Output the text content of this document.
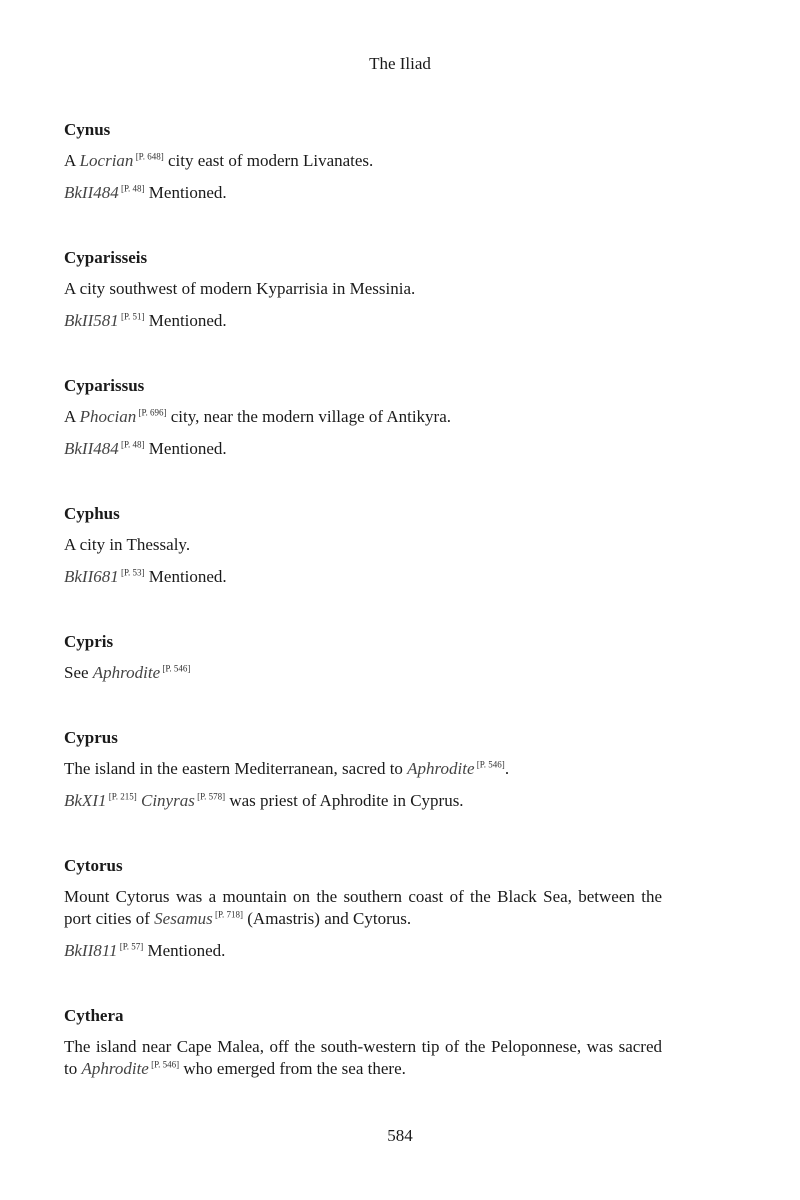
The Iliad
Cynus
A Locrian [P. 648] city east of modern Livanates.
BkII484 [P. 48] Mentioned.
Cyparisseis
A city southwest of modern Kyparrisia in Messinia.
BkII581 [P. 51] Mentioned.
Cyparissus
A Phocian [P. 696] city, near the modern village of Antikyra.
BkII484 [P. 48] Mentioned.
Cyphus
A city in Thessaly.
BkII681 [P. 53] Mentioned.
Cypris
See Aphrodite [P. 546]
Cyprus
The island in the eastern Mediterranean, sacred to Aphrodite [P. 546].
BkXI1 [P. 215] Cinyras [P. 578] was priest of Aphrodite in Cyprus.
Cytorus
Mount Cytorus was a mountain on the southern coast of the Black Sea, between the port cities of Sesamus [P. 718] (Amastris) and Cytorus.
BkII811 [P. 57] Mentioned.
Cythera
The island near Cape Malea, off the south-western tip of the Peloponnese, was sacred to Aphrodite [P. 546] who emerged from the sea there.
584
